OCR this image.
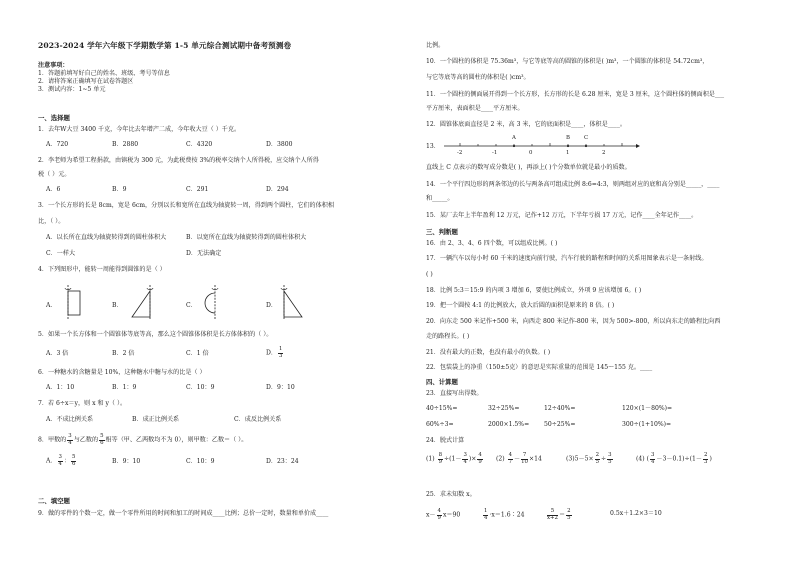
2023-2024 学年六年级下学期数学第 1-5 单元综合测试期中备考预测卷
注意事项：
1．答题前填写好自己的姓名、班级、考号等信息
2．请将答案正确填写在试卷答题区
3．测试内容：1~5 单元
一、选择题
1．去年W大豆 3400 千克，今年比去年增产二成，今年收大豆（ ）千克。
A．720	B．2880	C．4320	D．3800
2．李老师为希望工程捐款，由镇税为 300 元，为此税费按 3%的税率交纳个人所得税，应交纳个人所得
税（ ）元。
A．6	B．9	C．291	D．294
3．一个长方形的长是 8cm，宽是 6cm，分别以长和宽所在直线为轴旋转一周，得到两个圆柱，它们的体积相
比，（ ）。
A．以长所在直线为轴旋转得到的圆柱体积大	B．以宽所在直线为轴旋转得到的圆柱体积大
C．一样大	D．无法确定
4．下列图形中，能转一周能得到圆锥的是（ ）
A．	B．	C．	D．
5．如果一个长方体和一个圆锥体等底等高，那么这个圆锥体体积是长方体体积的（ ）。
A．3 倍	B．2 倍	C．1 倍	D． $\frac{1}{3}$
6．一种糖水的含糖量是 10%，这种糖水中糖与水的比是（ ）
A．1：10	B．1：9	C．10：9	D．9：10
7．若 6÷x＝y，则 x 和 y（ ）。
A．不成比例关系	B．成正比例关系	C．成反比例关系
8．甲数的 $\frac{3}{4}$ 与乙数的 $\frac{5}{6}$ 相等（甲、乙两数均不为 0），则甲数：乙数＝（ ）。
A． $\frac{3}{4}$ ： $\frac{5}{6}$	B．9：10	C．10：9	D．23：24
二、填空题
9．做的零件的个数一定，做一个零件所用的时间和加工的时间成____比例；总价一定时，数量和单价成____
比例。
10．一个圆柱的体积是 75.36m³，与它等底等高的圆锥的体积是( )m³，一个圆锥的体积是 54.72cm³，
与它等底等高的圆柱的体积是( )cm³。
11．一个圆柱的侧面展开得到一个长方形，长方形的长是 6.28 厘米，宽是 3 厘米，这个圆柱体的侧面积是___
平方厘米，表面积是____平方厘米。
12．圆锥体底面直径是 2 米，高 3 米，它的底面积是____，体积是____。
13．
-2	-1	0	1	2
A	B	C
直线上 C 点表示的数写成分数是( )，再添上( )个分数单位就是最小的质数。
14．一个平行四边形的两条邻边的长与两条高可组成比例 8:6=4:3，则两组对应的底和高分别是_____，____
和_____。
15．某厂去年上半年盈利 12 万元，记作+12 万元，下半年亏损 17 万元，记作____全年记作____。
三、判断题
16．由 2、3、4、6 四个数，可以组成比例。( )
17．一辆汽车以每小时 60 千米的速度向前行驶，汽车行驶的路程和时间的关系用图象表示是一条射线。
( )
18．比例 5:3＝15:9 的内项 3 增加 6，要使比例成立，外项 9 应该增加 6。( )
19．把一个圆按 4:1 的比例放大，放大后圆的面积是原来的 8 倍。( )
20．向东走 500 米记作+500 米，向西走 800 米记作-800 米，因为 500>-800，所以向东走的路程比向西
走的路程长。( )
21．没有最大的正数，也没有最小的负数。( )
22．包装袋上的净重（150±5克）的意思是实际重量的范围是 145～155 克。____
四、计算题
23．直接写出得数。
40÷15%=	32÷25%=	12÷40%=	120×(1－80%)=
60%÷3=	2000×1.5%= 50÷25%=	300÷(1+10%)=
24．脱式计算
$(1) \frac{8}{9} \div(1- \frac{3}{4}$ )× $\frac{4}{9} (2) \frac{4}{7} - \frac{7}{10} \times 14$	$(3)5-5\times \frac{2}{5} \div \frac{3}{5}$	(4) ( $\frac{3}{4} -3-0.1)\div(1- \frac{2}{3}$ )
25．求未知数 x。
$x- \frac{4}{9} x=90$	$\frac{1}{4}$ ·x＝1.6∶24	$\frac{5}{x+2} = \frac{2}{5}$	0.5x＋1.2×3＝10
